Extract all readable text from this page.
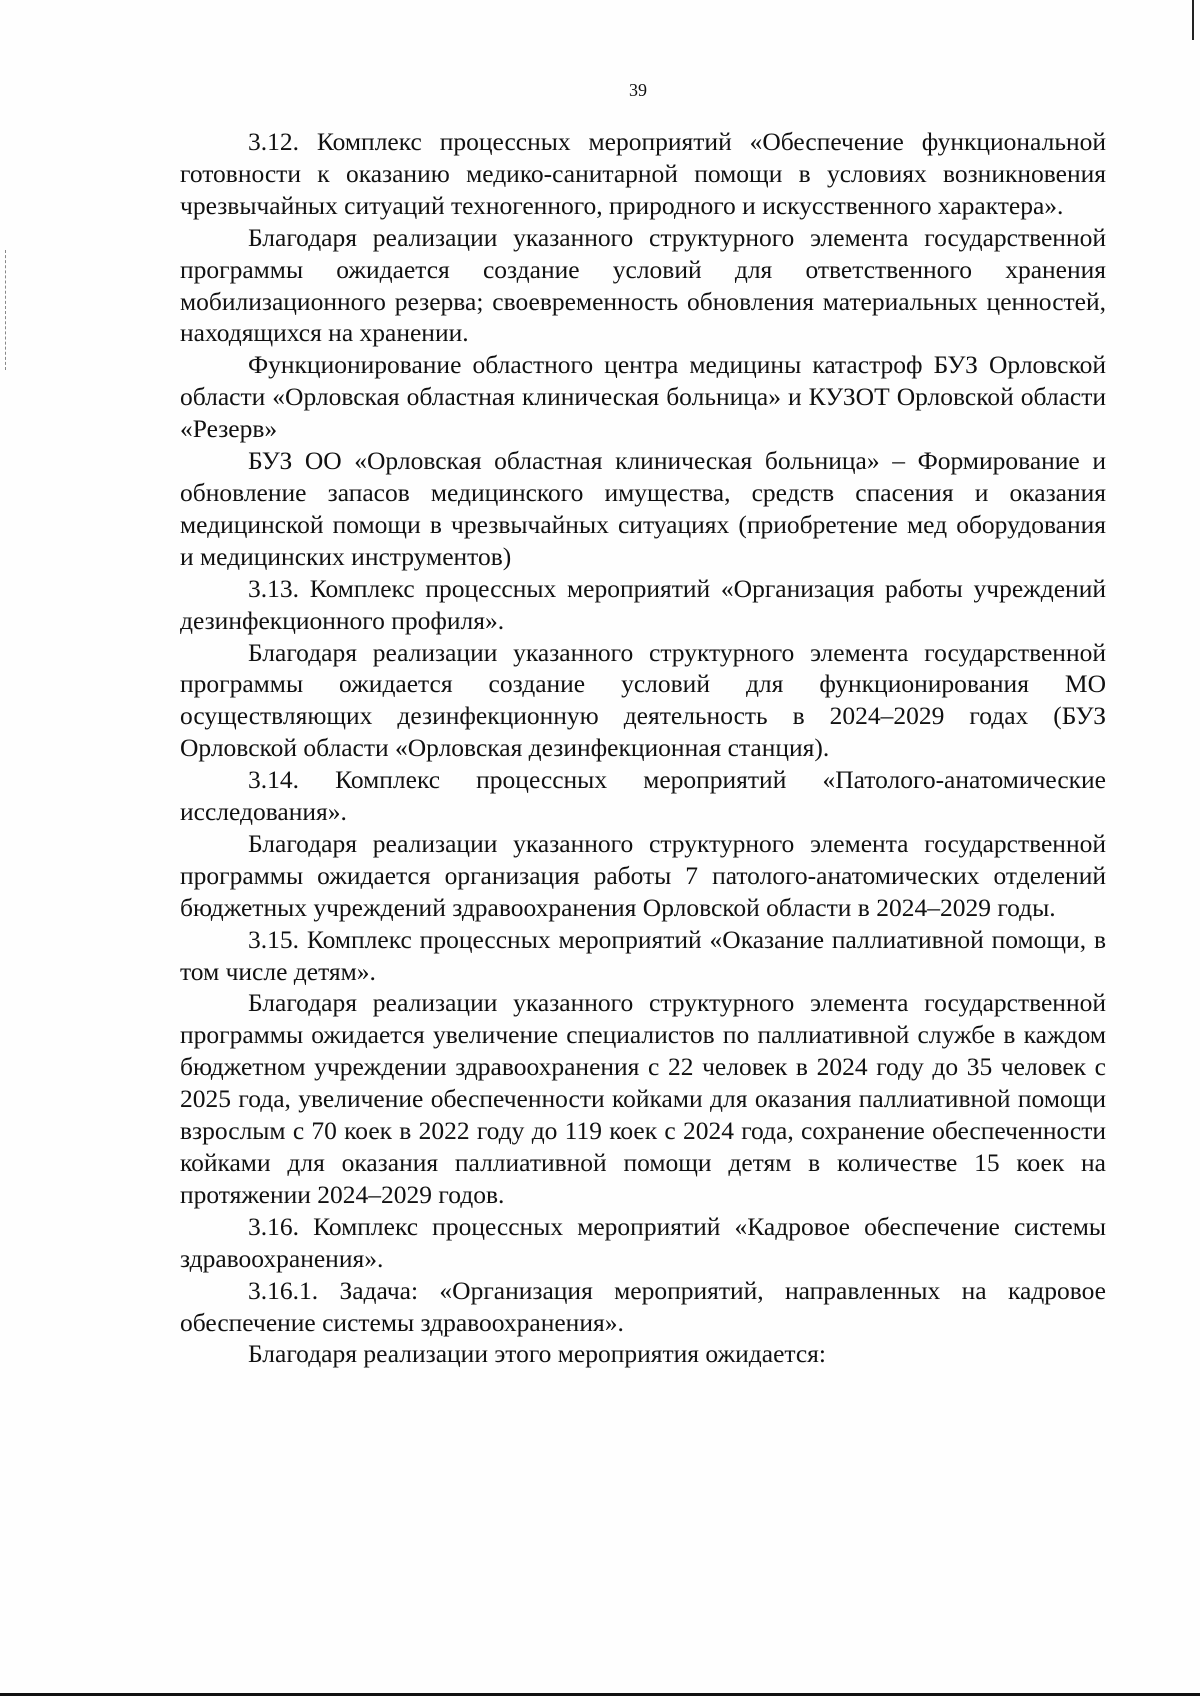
39

3.12. Комплекс процессных мероприятий «Обеспечение функциональной готовности к оказанию медико-санитарной помощи в условиях возникновения чрезвычайных ситуаций техногенного, природного и искусственного характера».

Благодаря реализации указанного структурного элемента государственной программы ожидается создание условий для ответственного хранения мобилизационного резерва; своевременность обновления материальных ценностей, находящихся на хранении.

Функционирование областного центра медицины катастроф БУЗ Орловской области «Орловская областная клиническая больница» и КУЗОТ Орловской области «Резерв»

БУЗ ОО «Орловская областная клиническая больница» – Формирование и обновление запасов медицинского имущества, средств спасения и оказания медицинской помощи в чрезвычайных ситуациях (приобретение мед оборудования и медицинских инструментов)

3.13. Комплекс процессных мероприятий «Организация работы учреждений дезинфекционного профиля».

Благодаря реализации указанного структурного элемента государственной программы ожидается создание условий для функционирования МО осуществляющих дезинфекционную деятельность в 2024–2029 годах (БУЗ Орловской области «Орловская дезинфекционная станция).

3.14. Комплекс процессных мероприятий «Патолого-анатомические исследования».

Благодаря реализации указанного структурного элемента государственной программы ожидается организация работы 7 патолого-анатомических отделений бюджетных учреждений здравоохранения Орловской области в 2024–2029 годы.

3.15. Комплекс процессных мероприятий «Оказание паллиативной помощи, в том числе детям».

Благодаря реализации указанного структурного элемента государственной программы ожидается увеличение специалистов по паллиативной службе в каждом бюджетном учреждении здравоохранения с 22 человек в 2024 году до 35 человек с 2025 года, увеличение обеспеченности койками для оказания паллиативной помощи взрослым с 70 коек в 2022 году до 119 коек с 2024 года, сохранение обеспеченности койками для оказания паллиативной помощи детям в количестве 15 коек на протяжении 2024–2029 годов.

3.16. Комплекс процессных мероприятий «Кадровое обеспечение системы здравоохранения».

3.16.1. Задача: «Организация мероприятий, направленных на кадровое обеспечение системы здравоохранения».

Благодаря реализации этого мероприятия ожидается:
